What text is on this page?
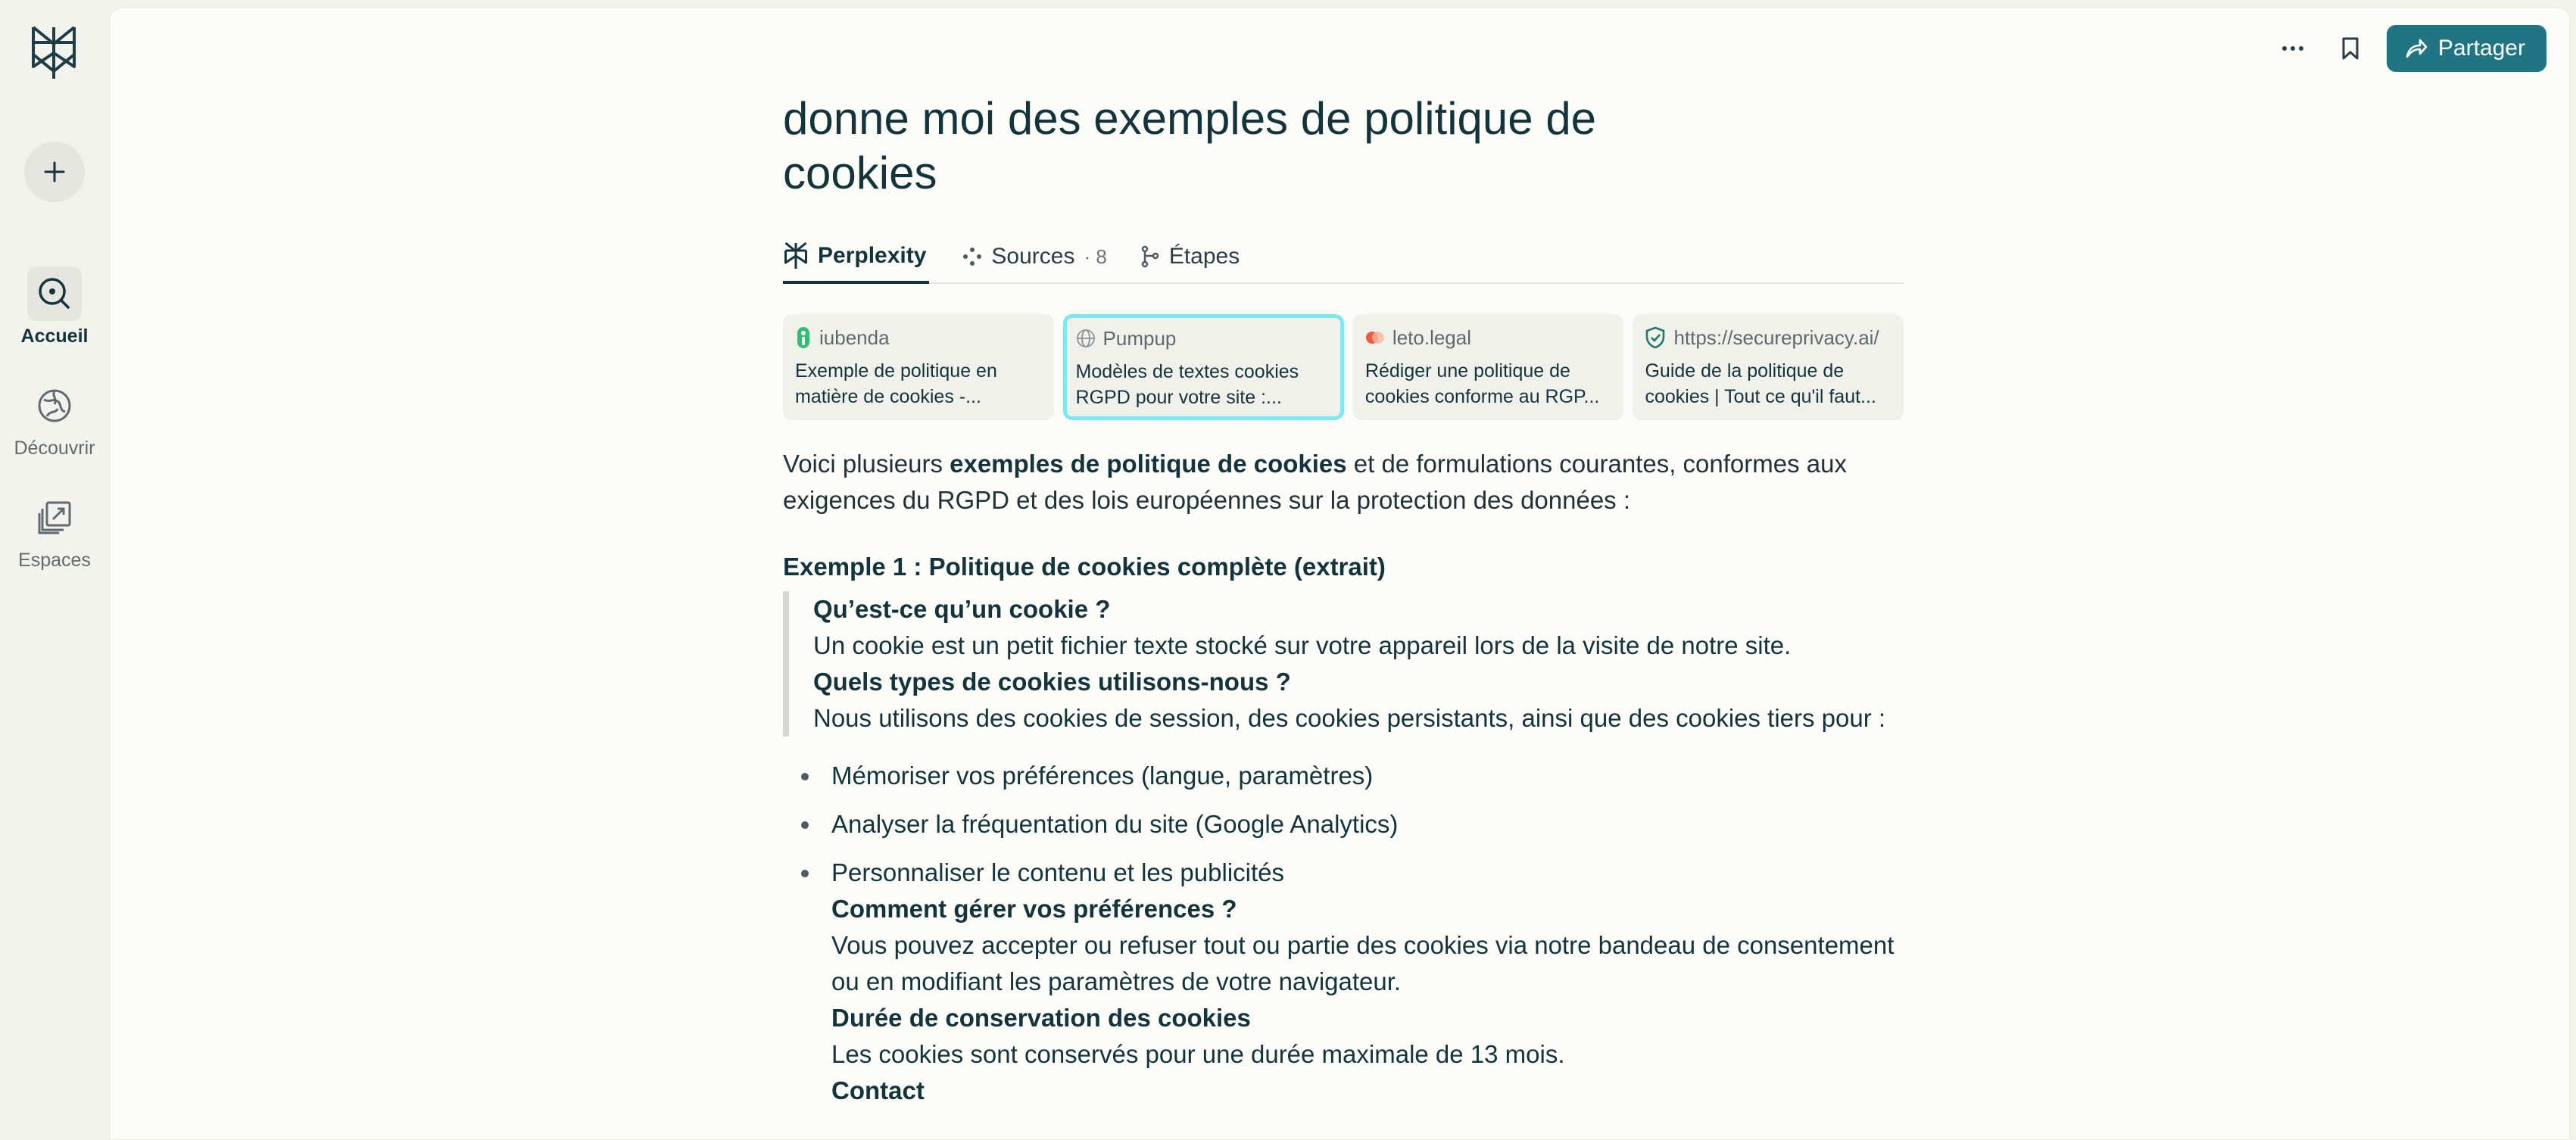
Accueil
Découvrir
Espaces
Partager
donne moi des exemples de politique de cookies
Perplexity	Sources · 8	Étapes
iubenda
Exemple de politique en matière de cookies -...
Pumpup
Modèles de textes cookies RGPD pour votre site :...
leto.legal
Rédiger une politique de cookies conforme au RGP...
https://secureprivacy.ai/
Guide de la politique de cookies | Tout ce qu'il faut...

Voici plusieurs exemples de politique de cookies et de formulations courantes, conformes aux exigences du RGPD et des lois européennes sur la protection des données :

Exemple 1 : Politique de cookies complète (extrait)

Qu’est-ce qu’un cookie ?

Un cookie est un petit fichier texte stocké sur votre appareil lors de la visite de notre site.

Quels types de cookies utilisons-nous ?

Nous utilisons des cookies de session, des cookies persistants, ainsi que des cookies tiers pour :

Mémoriser vos préférences (langue, paramètres)
Analyser la fréquentation du site (Google Analytics)
Personnaliser le contenu et les publicités
Comment gérer vos préférences ?
Vous pouvez accepter ou refuser tout ou partie des cookies via notre bandeau de consentement ou en modifiant les paramètres de votre navigateur.
Durée de conservation des cookies
Les cookies sont conservés pour une durée maximale de 13 mois.
Contact
